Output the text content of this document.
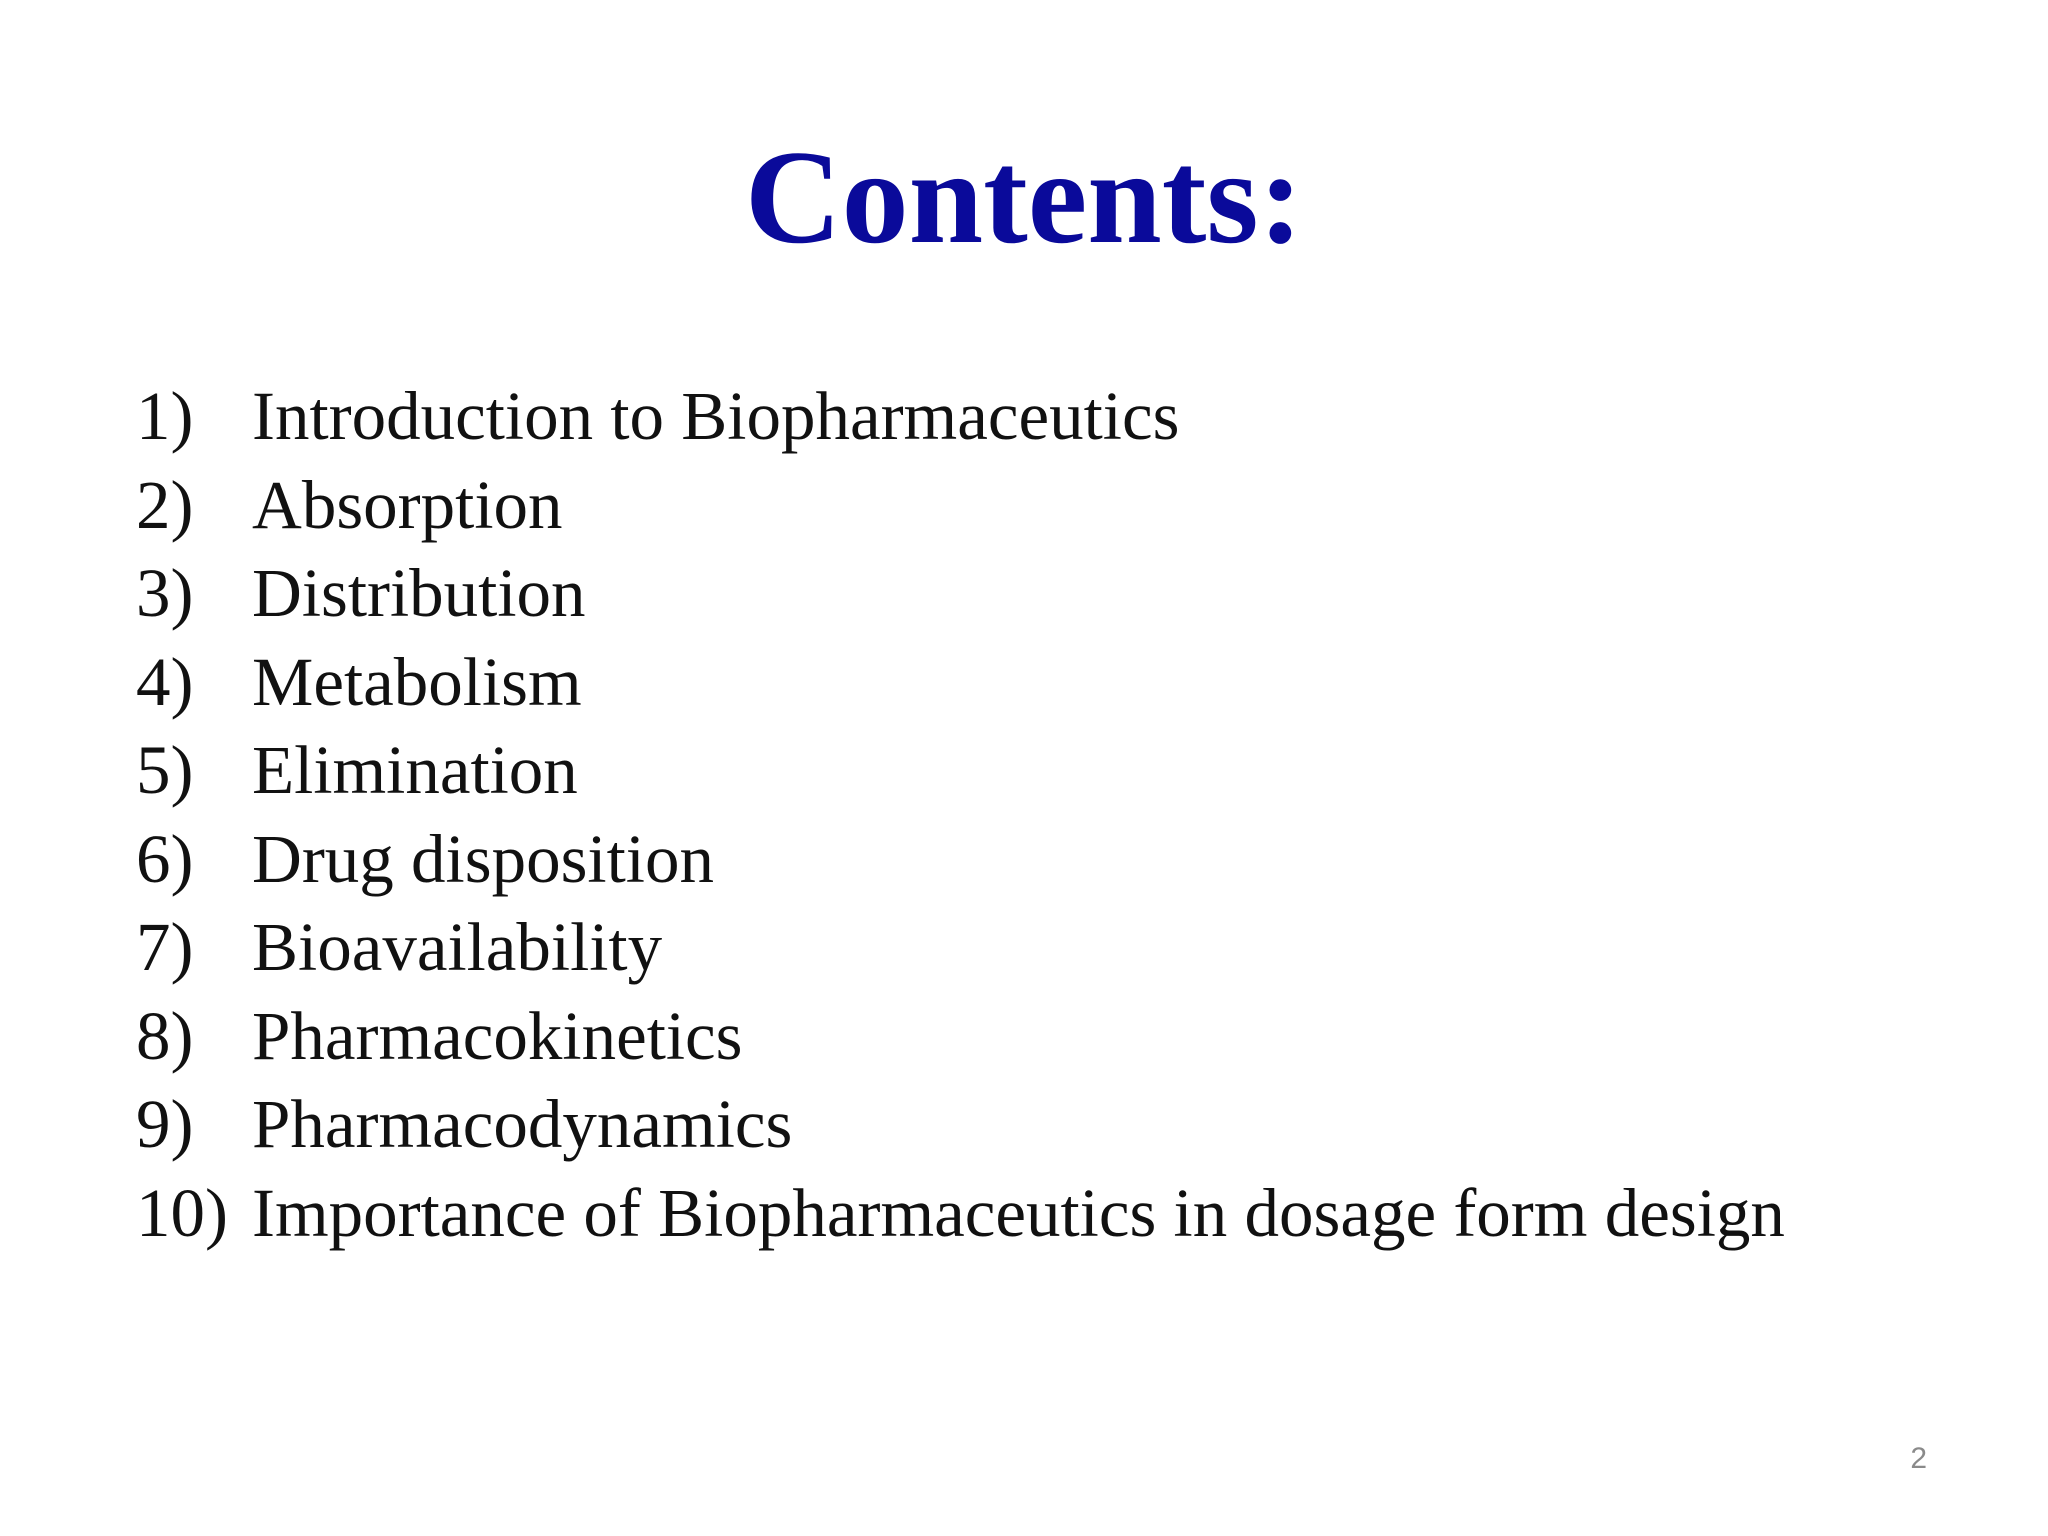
Contents:
1) Introduction to Biopharmaceutics
2) Absorption
3) Distribution
4) Metabolism
5) Elimination
6) Drug disposition
7) Bioavailability
8) Pharmacokinetics
9) Pharmacodynamics
10) Importance of Biopharmaceutics in dosage form design
2
